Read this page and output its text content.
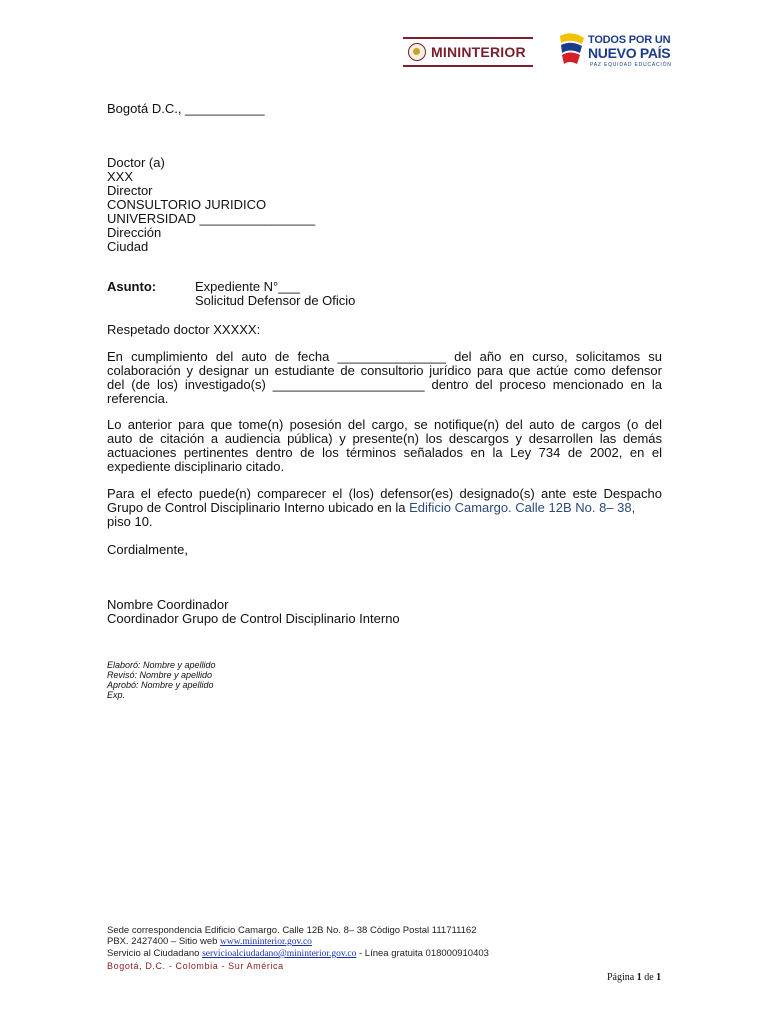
MININTERIOR
TODOS POR UN
NUEVO PAÍS
PAZ EQUIDAD EDUCACIÓN
Bogotá D.C., ___________
Doctor (a)
XXX
Director
CONSULTORIO JURIDICO
UNIVERSIDAD ________________
Dirección
Ciudad
Asunto:	Expediente N°___
Solicitud Defensor de Oficio
Respetado doctor XXXXX:
En cumplimiento del auto de fecha _______________ del año en curso, solicitamos su
colaboración y designar un estudiante de consultorio jurídico para que actúe como defensor
del (de los) investigado(s) _____________________ dentro del proceso mencionado en la
referencia.
Lo anterior para que tome(n) posesión del cargo, se notifique(n) del auto de cargos (o del
auto de citación a audiencia pública) y presente(n) los descargos y desarrollen las demás
actuaciones pertinentes dentro de los términos señalados en la Ley 734 de 2002, en el
expediente disciplinario citado.
Para el efecto puede(n) comparecer el (los) defensor(es) designado(s) ante este Despacho
Grupo de Control Disciplinario Interno ubicado en la Edificio Camargo. Calle 12B No. 8– 38,
piso 10.
Cordialmente,
Nombre Coordinador
Coordinador Grupo de Control Disciplinario Interno
Elaboró: Nombre y apellido
Revisó: Nombre y apellido
Aprobó: Nombre y apellido
Exp.
Sede correspondencia Edificio Camargo. Calle 12B No. 8– 38 Código Postal 111711162
PBX. 2427400 – Sitio web www.mininterior.gov.co
Servicio al Ciudadano servicioalciudadano@mininterior.gov.co - Línea gratuita 018000910403
Bogotá, D.C. - Colombia - Sur América
Página 1 de 1
